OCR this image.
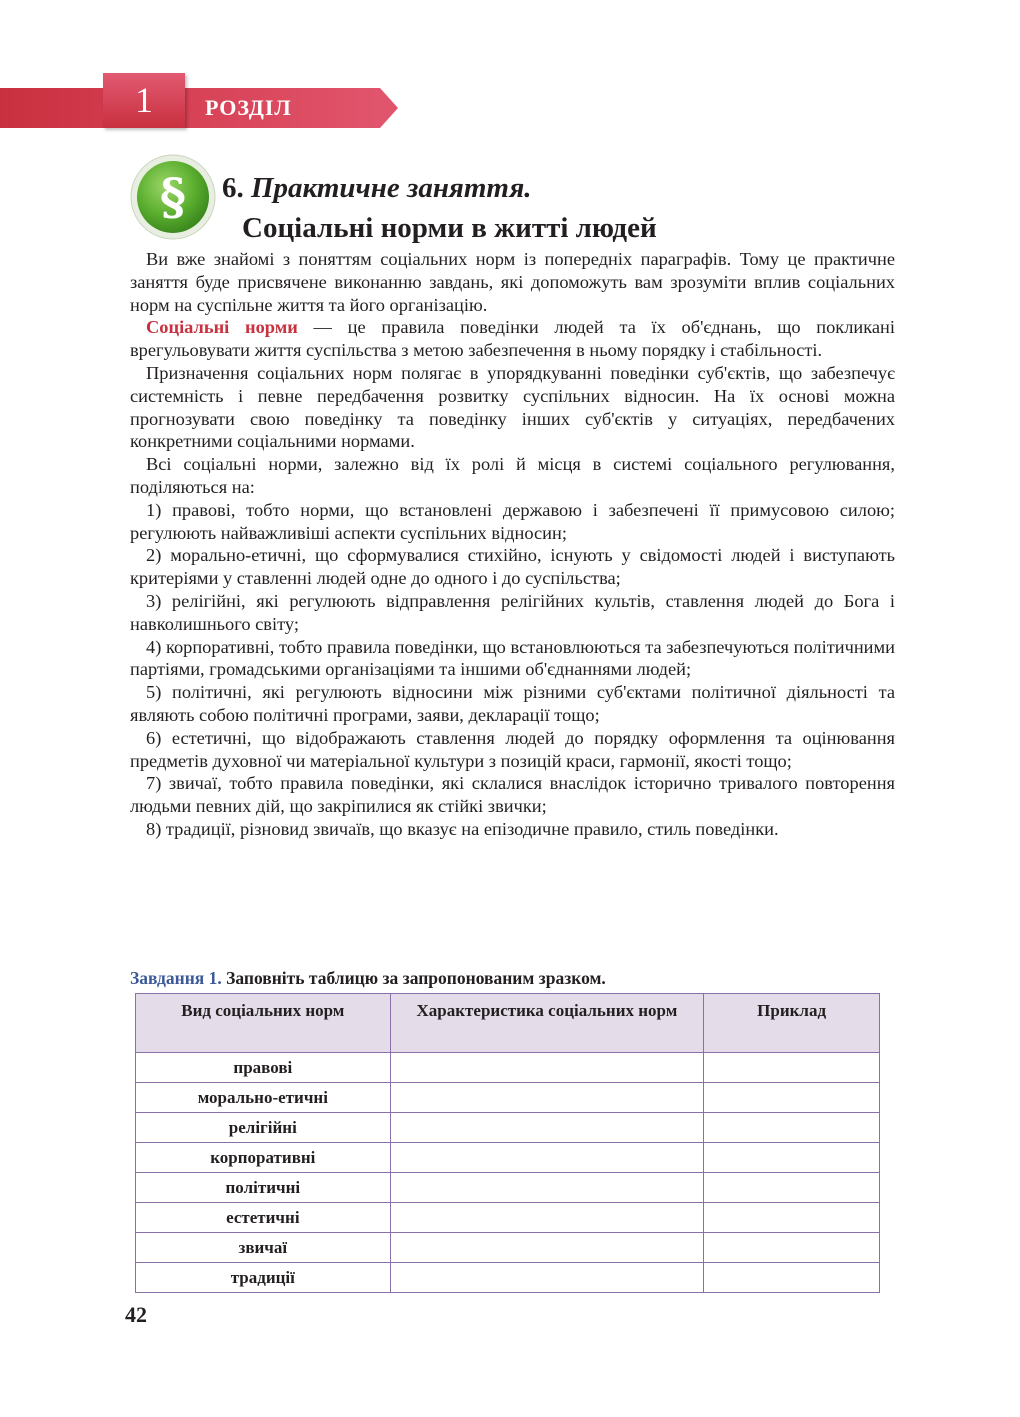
1	РОЗДІЛ
§ 6. Практичне заняття.
Соціальні норми в житті людей

Ви вже знайомі з поняттям соціальних норм із попередніх параграфів. Тому це практичне заняття буде присвячене виконанню завдань, які допоможуть вам зрозуміти вплив соціальних норм на суспільне життя та його організацію.

Соціальні норми — це правила поведінки людей та їх об'єднань, що покликані врегульовувати життя суспільства з метою забезпечення в ньому порядку і стабільності.

Призначення соціальних норм полягає в упорядкуванні поведінки суб'єктів, що забезпечує системність і певне передбачення розвитку суспільних відносин. На їх основі можна прогнозувати свою поведінку та поведінку інших суб'єктів у ситуаціях, передбачених конкретними соціальними нормами.

Всі соціальні норми, залежно від їх ролі й місця в системі соціального регулювання, поділяються на:

1) правові, тобто норми, що встановлені державою і забезпечені її примусовою силою; регулюють найважливіші аспекти суспільних відносин;

2) морально-етичні, що сформувалися стихійно, існують у свідомості людей і виступають критеріями у ставленні людей одне до одного і до суспільства;

3) релігійні, які регулюють відправлення релігійних культів, ставлення людей до Бога і навколишнього світу;

4) корпоративні, тобто правила поведінки, що встановлюються та забезпечуються політичними партіями, громадськими організаціями та іншими об'єднаннями людей;

5) політичні, які регулюють відносини між різними суб'єктами політичної діяльності та являють собою політичні програми, заяви, декларації тощо;

6) естетичні, що відображають ставлення людей до порядку оформлення та оцінювання предметів духовної чи матеріальної культури з позицій краси, гармонії, якості тощо;

7) звичаї, тобто правила поведінки, які склалися внаслідок історично тривалого повторення людьми певних дій, що закріпилися як стійкі звички;

8) традиції, різновид звичаїв, що вказує на епізодичне правило, стиль поведінки.

Завдання 1. Заповніть таблицю за запропонованим зразком.
Вид соціальних норм	Характеристика соціальних норм	Приклад
правові		
морально-етичні		
релігійні		
корпоративні		
політичні		
естетичні		
звичаї		
традиції		
42
